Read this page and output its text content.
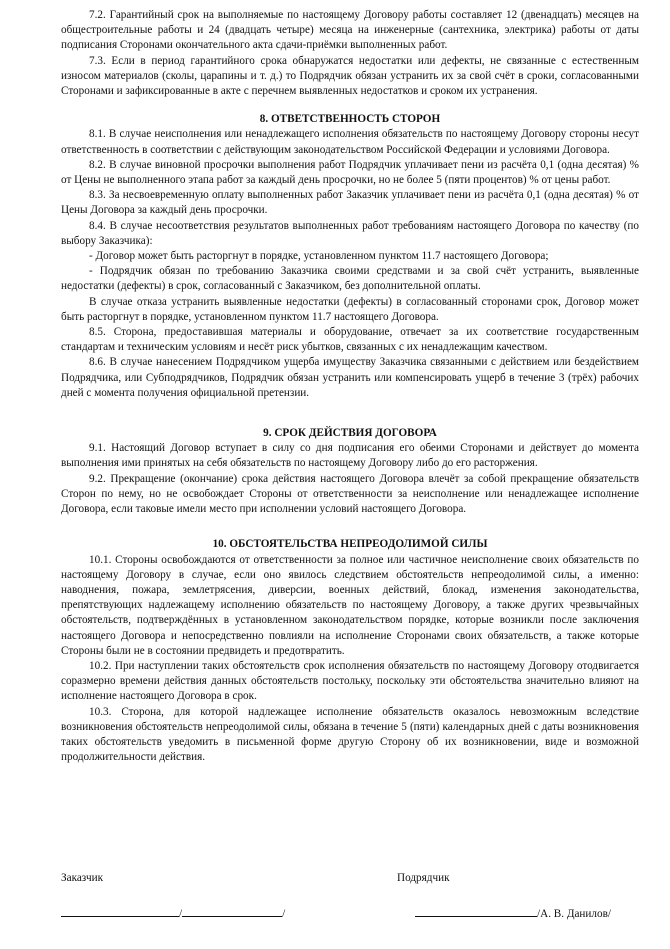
7.2. Гарантийный срок на выполняемые по настоящему Договору работы составляет 12 (двенадцать) месяцев на общестроительные работы и 24 (двадцать четыре) месяца на инженерные (сантехника, электрика) работы от даты подписания Сторонами окончательного акта сдачи-приёмки выполненных работ.

7.3. Если в период гарантийного срока обнаружатся недостатки или дефекты, не связанные с естественным износом материалов (сколы, царапины и т. д.) то Подрядчик обязан устранить их за свой счёт в сроки, согласованными Сторонами и зафиксированные в акте с перечнем выявленных недостатков и сроком их устранения.

8. ОТВЕТСТВЕННОСТЬ СТОРОН

8.1. В случае неисполнения или ненадлежащего исполнения обязательств по настоящему Договору стороны несут ответственность в соответствии с действующим законодательством Российской Федерации и условиями Договора.

8.2. В случае виновной просрочки выполнения работ Подрядчик уплачивает пени из расчёта 0,1 (одна десятая) % от Цены не выполненного этапа работ за каждый день просрочки, но не более 5 (пяти процентов) % от цены работ.

8.3. За несвоевременную оплату выполненных работ Заказчик уплачивает пени из расчёта 0,1 (одна десятая) % от Цены Договора за каждый день просрочки.

8.4. В случае несоответствия результатов выполненных работ требованиям настоящего Договора по качеству (по выбору Заказчика):

- Договор может быть расторгнут в порядке, установленном пунктом 11.7 настоящего Договора;

- Подрядчик обязан по требованию Заказчика своими средствами и за свой счёт устранить, выявленные недостатки (дефекты) в срок, согласованный с Заказчиком, без дополнительной оплаты.

В случае отказа устранить выявленные недостатки (дефекты) в согласованный сторонами срок, Договор может быть расторгнут в порядке, установленном пунктом 11.7 настоящего Договора.

8.5. Сторона, предоставившая материалы и оборудование, отвечает за их соответствие государственным стандартам и техническим условиям и несёт риск убытков, связанных с их ненадлежащим качеством.

8.6. В случае нанесением Подрядчиком ущерба имуществу Заказчика связанными с действием или бездействием Подрядчика, или Субподрядчиков, Подрядчик обязан устранить или компенсировать ущерб в течение 3 (трёх) рабочих дней с момента получения официальной претензии.

9. СРОК ДЕЙСТВИЯ ДОГОВОРА

9.1. Настоящий Договор вступает в силу со дня подписания его обеими Сторонами и действует до момента выполнения ими принятых на себя обязательств по настоящему Договору либо до его расторжения.

9.2. Прекращение (окончание) срока действия настоящего Договора влечёт за собой прекращение обязательств Сторон по нему, но не освобождает Стороны от ответственности за неисполнение или ненадлежащее исполнение Договора, если таковые имели место при исполнении условий настоящего Договора.

10. ОБСТОЯТЕЛЬСТВА НЕПРЕОДОЛИМОЙ СИЛЫ

10.1. Стороны освобождаются от ответственности за полное или частичное неисполнение своих обязательств по настоящему Договору в случае, если оно явилось следствием обстоятельств непреодолимой силы, а именно: наводнения, пожара, землетрясения, диверсии, военных действий, блокад, изменения законодательства, препятствующих надлежащему исполнению обязательств по настоящему Договору, а также других чрезвычайных обстоятельств, подтверждённых в установленном законодательством порядке, которые возникли после заключения настоящего Договора и непосредственно повлияли на исполнение Сторонами своих обязательств, а также которые Стороны были не в состоянии предвидеть и предотвратить.

10.2. При наступлении таких обстоятельств срок исполнения обязательств по настоящему Договору отодвигается соразмерно времени действия данных обстоятельств постольку, поскольку эти обстоятельства значительно влияют на исполнение настоящего Договора в срок.

10.3. Сторона, для которой надлежащее исполнение обязательств оказалось невозможным вследствие возникновения обстоятельств непреодолимой силы, обязана в течение 5 (пяти) календарных дней с даты возникновения таких обстоятельств уведомить в письменной форме другую Сторону об их возникновении, виде и возможной продолжительности действия.

Заказчик	Подрядчик
/	/	/А. В. Данилов/
